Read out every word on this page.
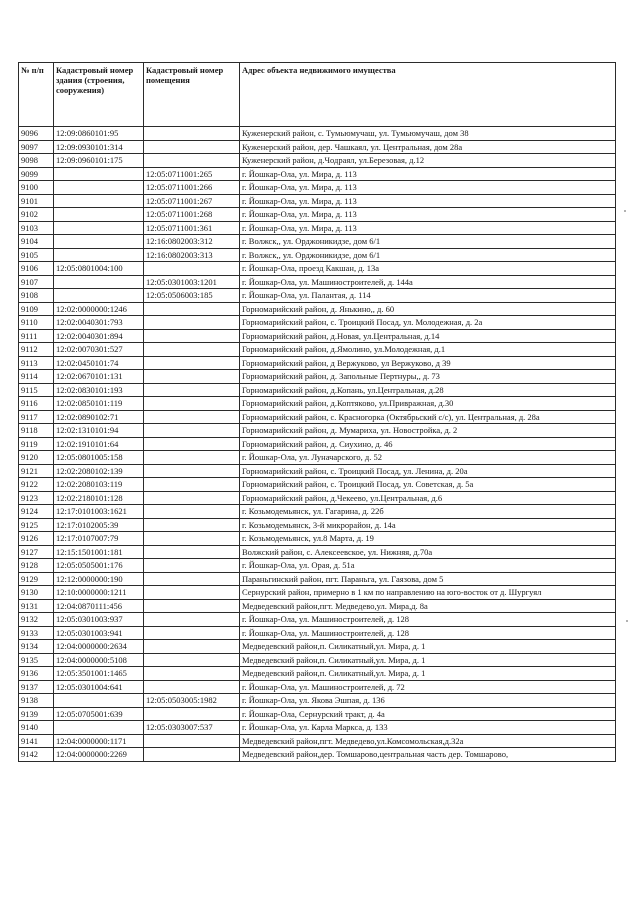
№ п/п	Кадастровый номер здания (строения, сооружения)	Кадастровый номер помещения	Адрес объекта недвижимого имущества
9096	12:09:0860101:95		Куженерский район, с. Тумьюмучаш, ул. Тумьюмучаш, дом 38
9097	12:09:0930101:314		Куженерский район, дер. Чашкаял, ул. Центральная, дом 28а
9098	12:09:0960101:175		Куженерский район, д.Чодраял, ул.Березовая, д.12
9099		12:05:0711001:265	г. Йошкар-Ола, ул. Мира, д. 113
9100		12:05:0711001:266	г. Йошкар-Ола, ул. Мира, д. 113
9101		12:05:0711001:267	г. Йошкар-Ола, ул. Мира, д. 113
9102		12:05:0711001:268	г. Йошкар-Ола, ул. Мира, д. 113
9103		12:05:0711001:361	г. Йошкар-Ола, ул. Мира, д. 113
9104		12:16:0802003:312	г. Волжск,, ул. Орджоникидзе, дом 6/1
9105		12:16:0802003:313	г. Волжск,, ул. Орджоникидзе, дом 6/1
9106	12:05:0801004:100		г. Йошкар-Ола, проезд Какшан, д. 13а
9107		12:05:0301003:1201	г. Йошкар-Ола, ул. Машиностроителей, д. 144а
9108		12:05:0506003:185	г. Йошкар-Ола, ул. Палантая, д. 114
9109	12:02:0000000:1246		Горномарийский район, д. Янькино,, д. 60
9110	12:02:0040301:793		Горномарийский район, с. Троицкий Посад, ул. Молодежная, д. 2а
9111	12:02:0040301:894		Горномарийский район, д.Новая, ул.Центральная, д.14
9112	12:02:0070301:527		Горномарийский район, д.Ямолино, ул.Молодежная, д.1
9113	12:02:0450101:74		Горномарийский район, д Вержуково, ул Вержуково, д 39
9114	12:02:0670101:131		Горномарийский район, д. Запольные Пертнуры,, д. 73
9115	12:02:0830101:193		Горномарийский район, д.Копань, ул.Центральная, д.28
9116	12:02:0850101:119		Горномарийский район, д.Коптяково, ул.Привражная, д.30
9117	12:02:0890102:71		Горномарийский район, с. Красногорка (Октябрьский с/с), ул. Центральная, д. 28а
9118	12:02:1310101:94		Горномарийский район, д. Мумариха, ул. Новостройка, д. 2
9119	12:02:1910101:64		Горномарийский район, д. Сиухино, д. 46
9120	12:05:0801005:158		г. Йошкар-Ола, ул. Луначарского, д. 52
9121	12:02:2080102:139		Горномарийский район, с. Троицкий Посад, ул. Ленина, д. 20а
9122	12:02:2080103:119		Горномарийский район, с. Троицкий Посад, ул. Советская, д. 5а
9123	12:02:2180101:128		Горномарийский район, д.Чекеево, ул.Центральная, д.6
9124	12:17:0101003:1621		г. Козьмодемьянск, ул. Гагарина, д. 22б
9125	12:17:0102005:39		г. Козьмодемьянск, 3-й микрорайон, д. 14а
9126	12:17:0107007:79		г. Козьмодемьянск, ул.8 Марта, д. 19
9127	12:15:1501001:181		Волжский район, с. Алексеевское, ул. Нижняя, д.70а
9128	12:05:0505001:176		г. Йошкар-Ола, ул. Орая, д. 51а
9129	12:12:0000000:190		Параньгинский район, пгт. Параньга, ул. Гаязова, дом 5
9130	12:10:0000000:1211		Сернурский район, примерно в 1 км по направлению на юго-восток от д. Шургуял
9131	12:04:0870111:456		Медведевский район,пгт. Медведево,ул. Мира,д. 8а
9132	12:05:0301003:937		г. Йошкар-Ола, ул. Машиностроителей, д. 128
9133	12:05:0301003:941		г. Йошкар-Ола, ул. Машиностроителей, д. 128
9134	12:04:0000000:2634		Медведевский район,п. Силикатный,ул. Мира, д. 1
9135	12:04:0000000:5108		Медведевский район,п. Силикатный,ул. Мира, д. 1
9136	12:05:3501001:1465		Медведевский район,п. Силикатный,ул. Мира, д. 1
9137	12:05:0301004:641		г. Йошкар-Ола, ул. Машиностроителей, д. 72
9138		12:05:0503005:1982	г. Йошкар-Ола, ул. Якова Эшпая, д. 136
9139	12:05:0705001:639		г. Йошкар-Ола, Сернурский тракт, д. 4а
9140		12:05:0303007:537	г. Йошкар-Ола, ул. Карла Маркса, д. 133
9141	12:04:0000000:1171		Медведевский район,пгт. Медведево,ул.Комсомольская,д.32а
9142	12:04:0000000:2269		Медведевский район,дер. Томшарово,центральная часть дер. Томшарово,
